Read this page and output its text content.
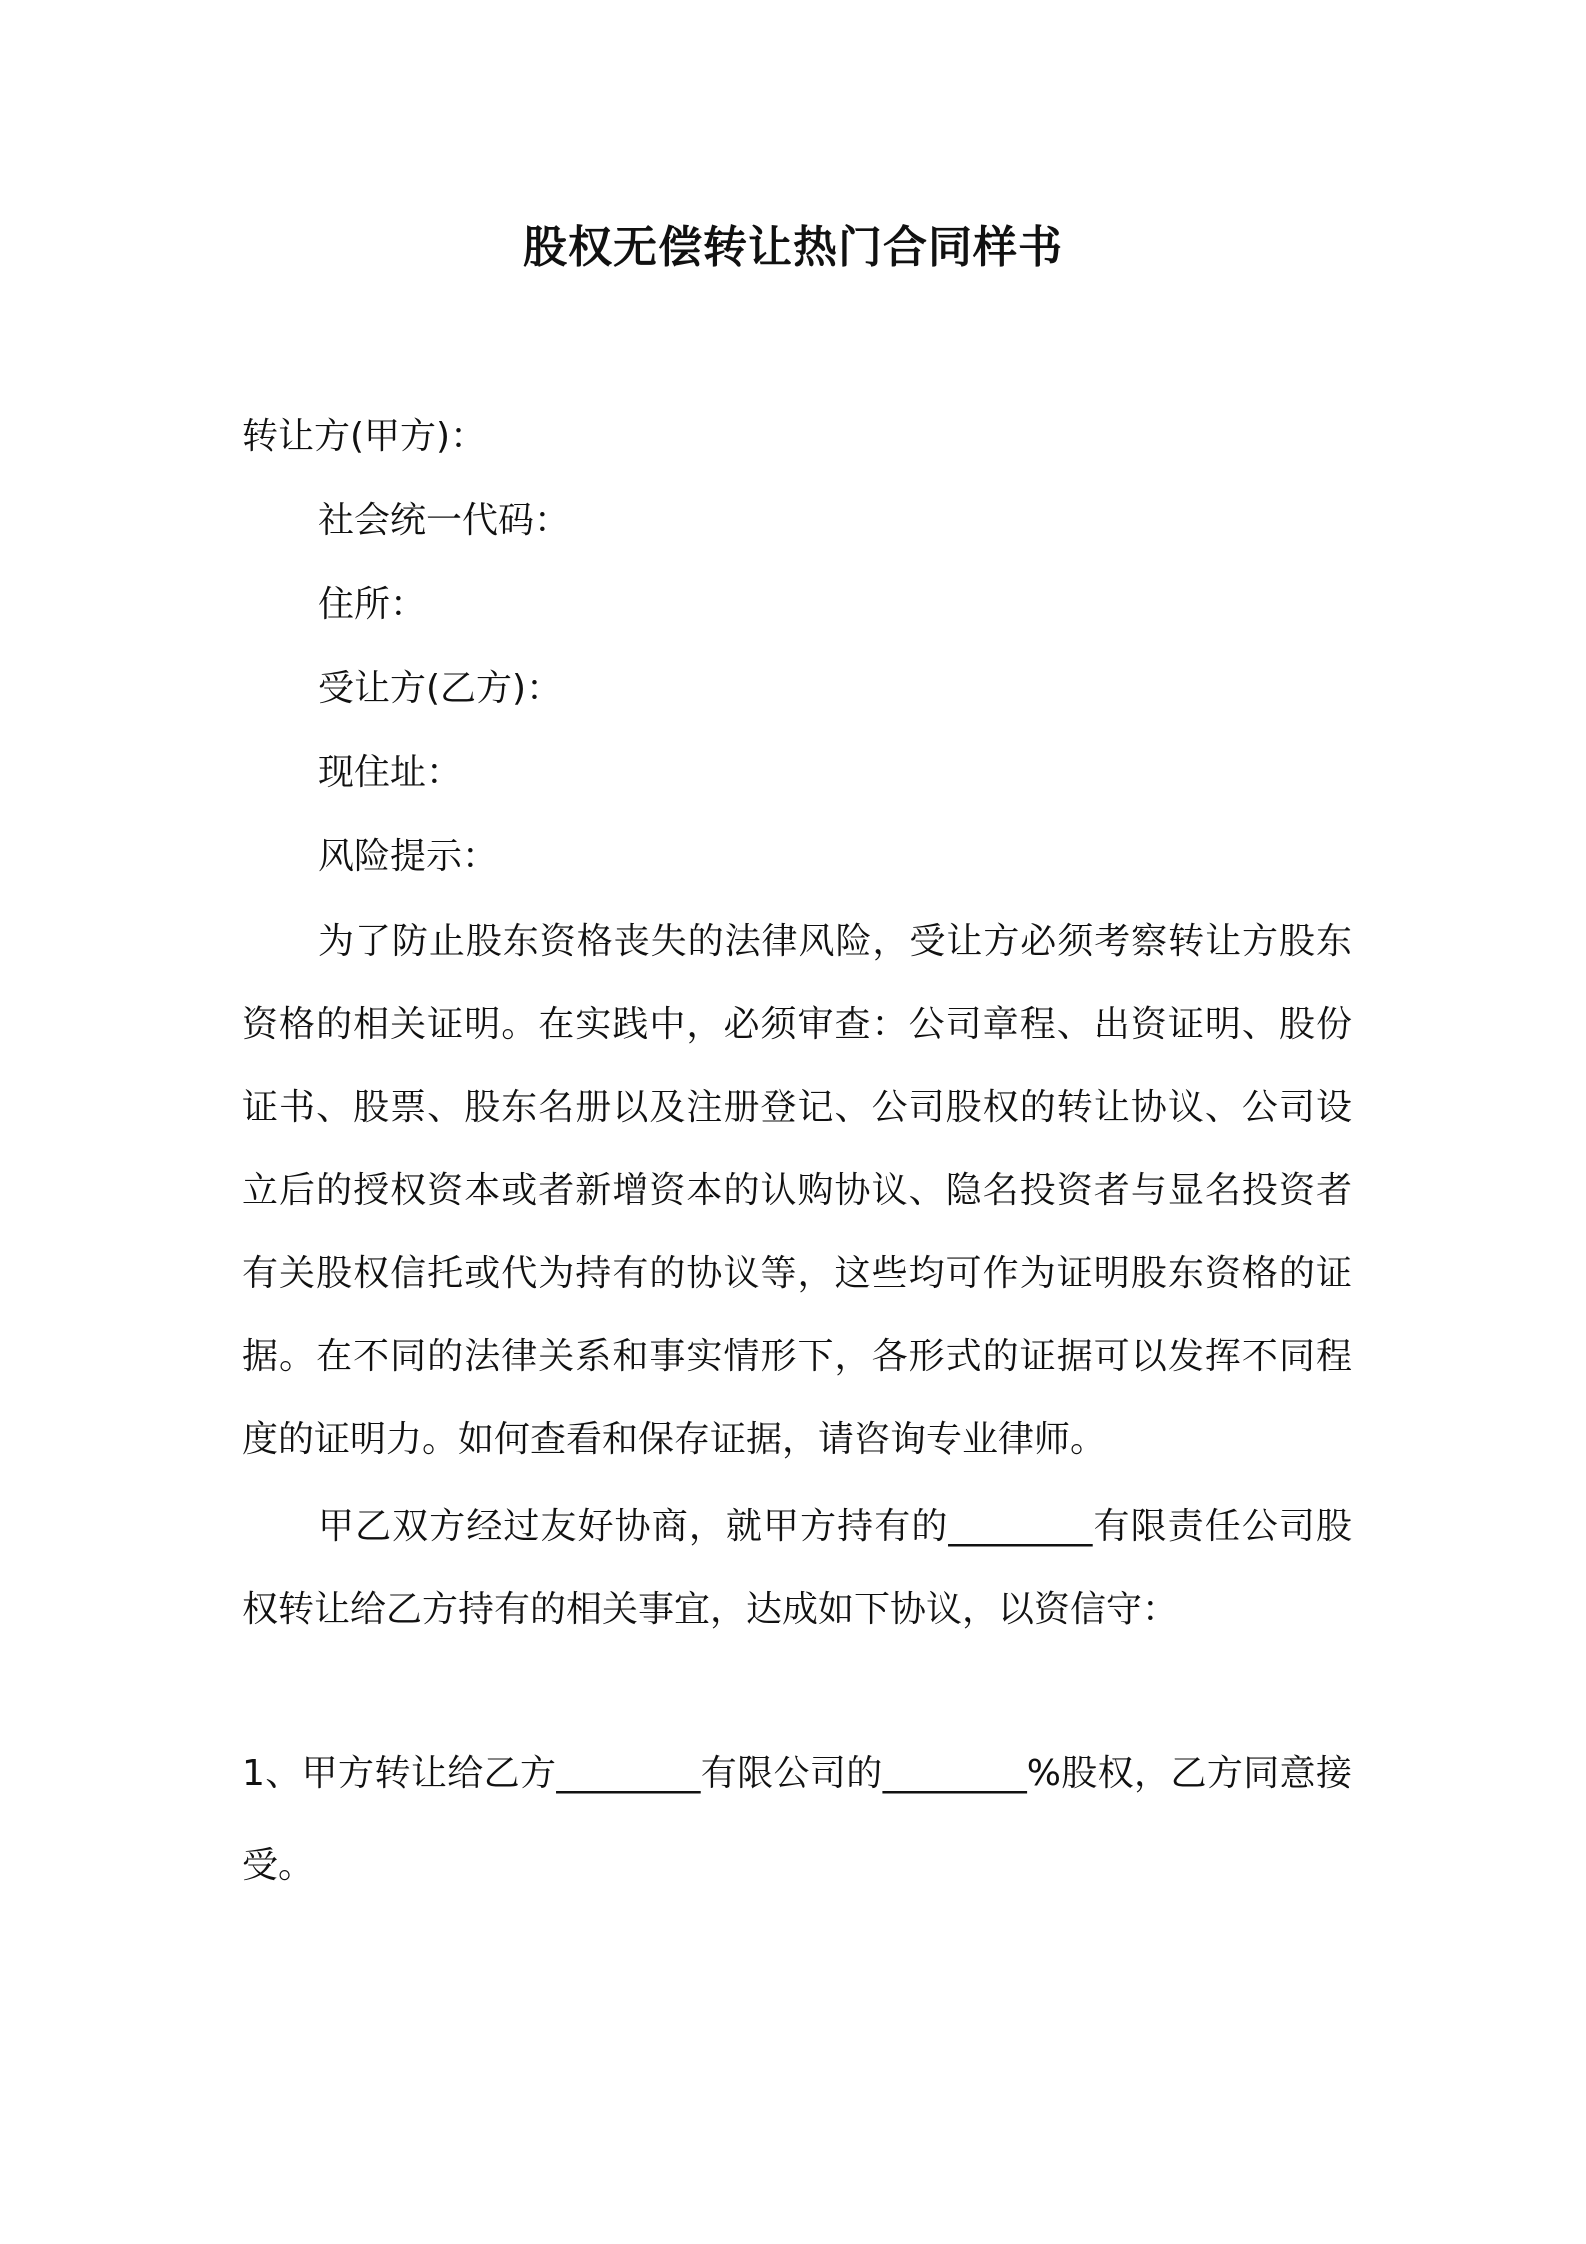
股权无偿转让热门合同样书
转让方(甲方)：
社会统一代码：
住所：
受让方(乙方)：
现住址：
风险提示：
为了防止股东资格丧失的法律风险，受让方必须考察转让方股东资格的相关证明。在实践中，必须审查：公司章程、出资证明、股份证书、股票、股东名册以及注册登记、公司股权的转让协议、公司设立后的授权资本或者新增资本的认购协议、隐名投资者与显名投资者有关股权信托或代为持有的协议等，这些均可作为证明股东资格的证据。在不同的法律关系和事实情形下，各形式的证据可以发挥不同程度的证明力。如何查看和保存证据，请咨询专业律师。
甲乙双方经过友好协商，就甲方持有的________有限责任公司股权转让给乙方持有的相关事宜，达成如下协议，以资信守：
1、甲方转让给乙方________有限公司的________%股权，乙方同意接受。
